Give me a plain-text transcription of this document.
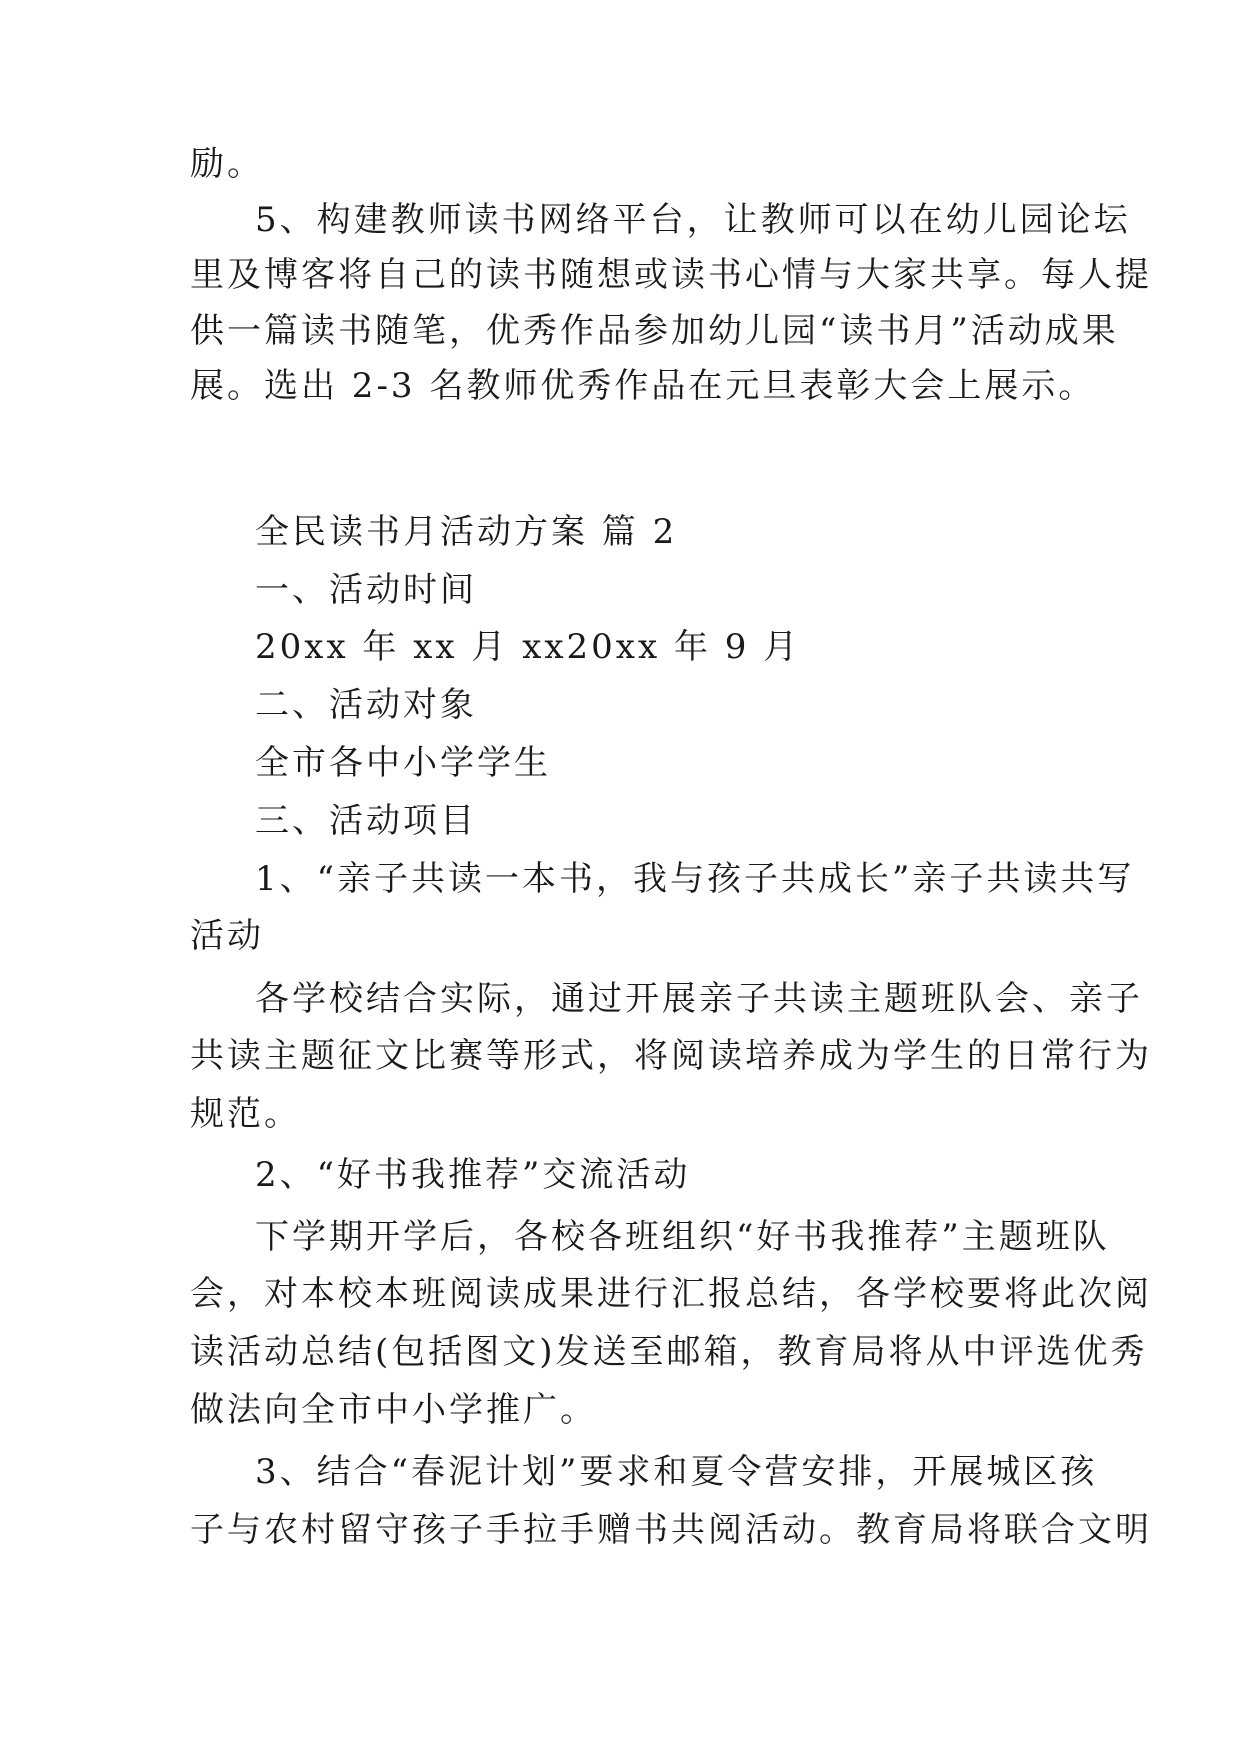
励。
5、构建教师读书网络平台，让教师可以在幼儿园论坛
里及博客将自己的读书随想或读书心情与大家共享。每人提
供一篇读书随笔，优秀作品参加幼儿园“读书月”活动成果
展。选出 2-3 名教师优秀作品在元旦表彰大会上展示。
全民读书月活动方案 篇 2
一、活动时间
20xx 年 xx 月 xx20xx 年 9 月
二、活动对象
全市各中小学学生
三、活动项目
1、“亲子共读一本书，我与孩子共成长”亲子共读共写
活动
各学校结合实际，通过开展亲子共读主题班队会、亲子
共读主题征文比赛等形式，将阅读培养成为学生的日常行为
规范。
2、“好书我推荐”交流活动
下学期开学后，各校各班组织“好书我推荐”主题班队
会，对本校本班阅读成果进行汇报总结，各学校要将此次阅
读活动总结(包括图文)发送至邮箱，教育局将从中评选优秀
做法向全市中小学推广。
3、结合“春泥计划”要求和夏令营安排，开展城区孩
子与农村留守孩子手拉手赠书共阅活动。教育局将联合文明
